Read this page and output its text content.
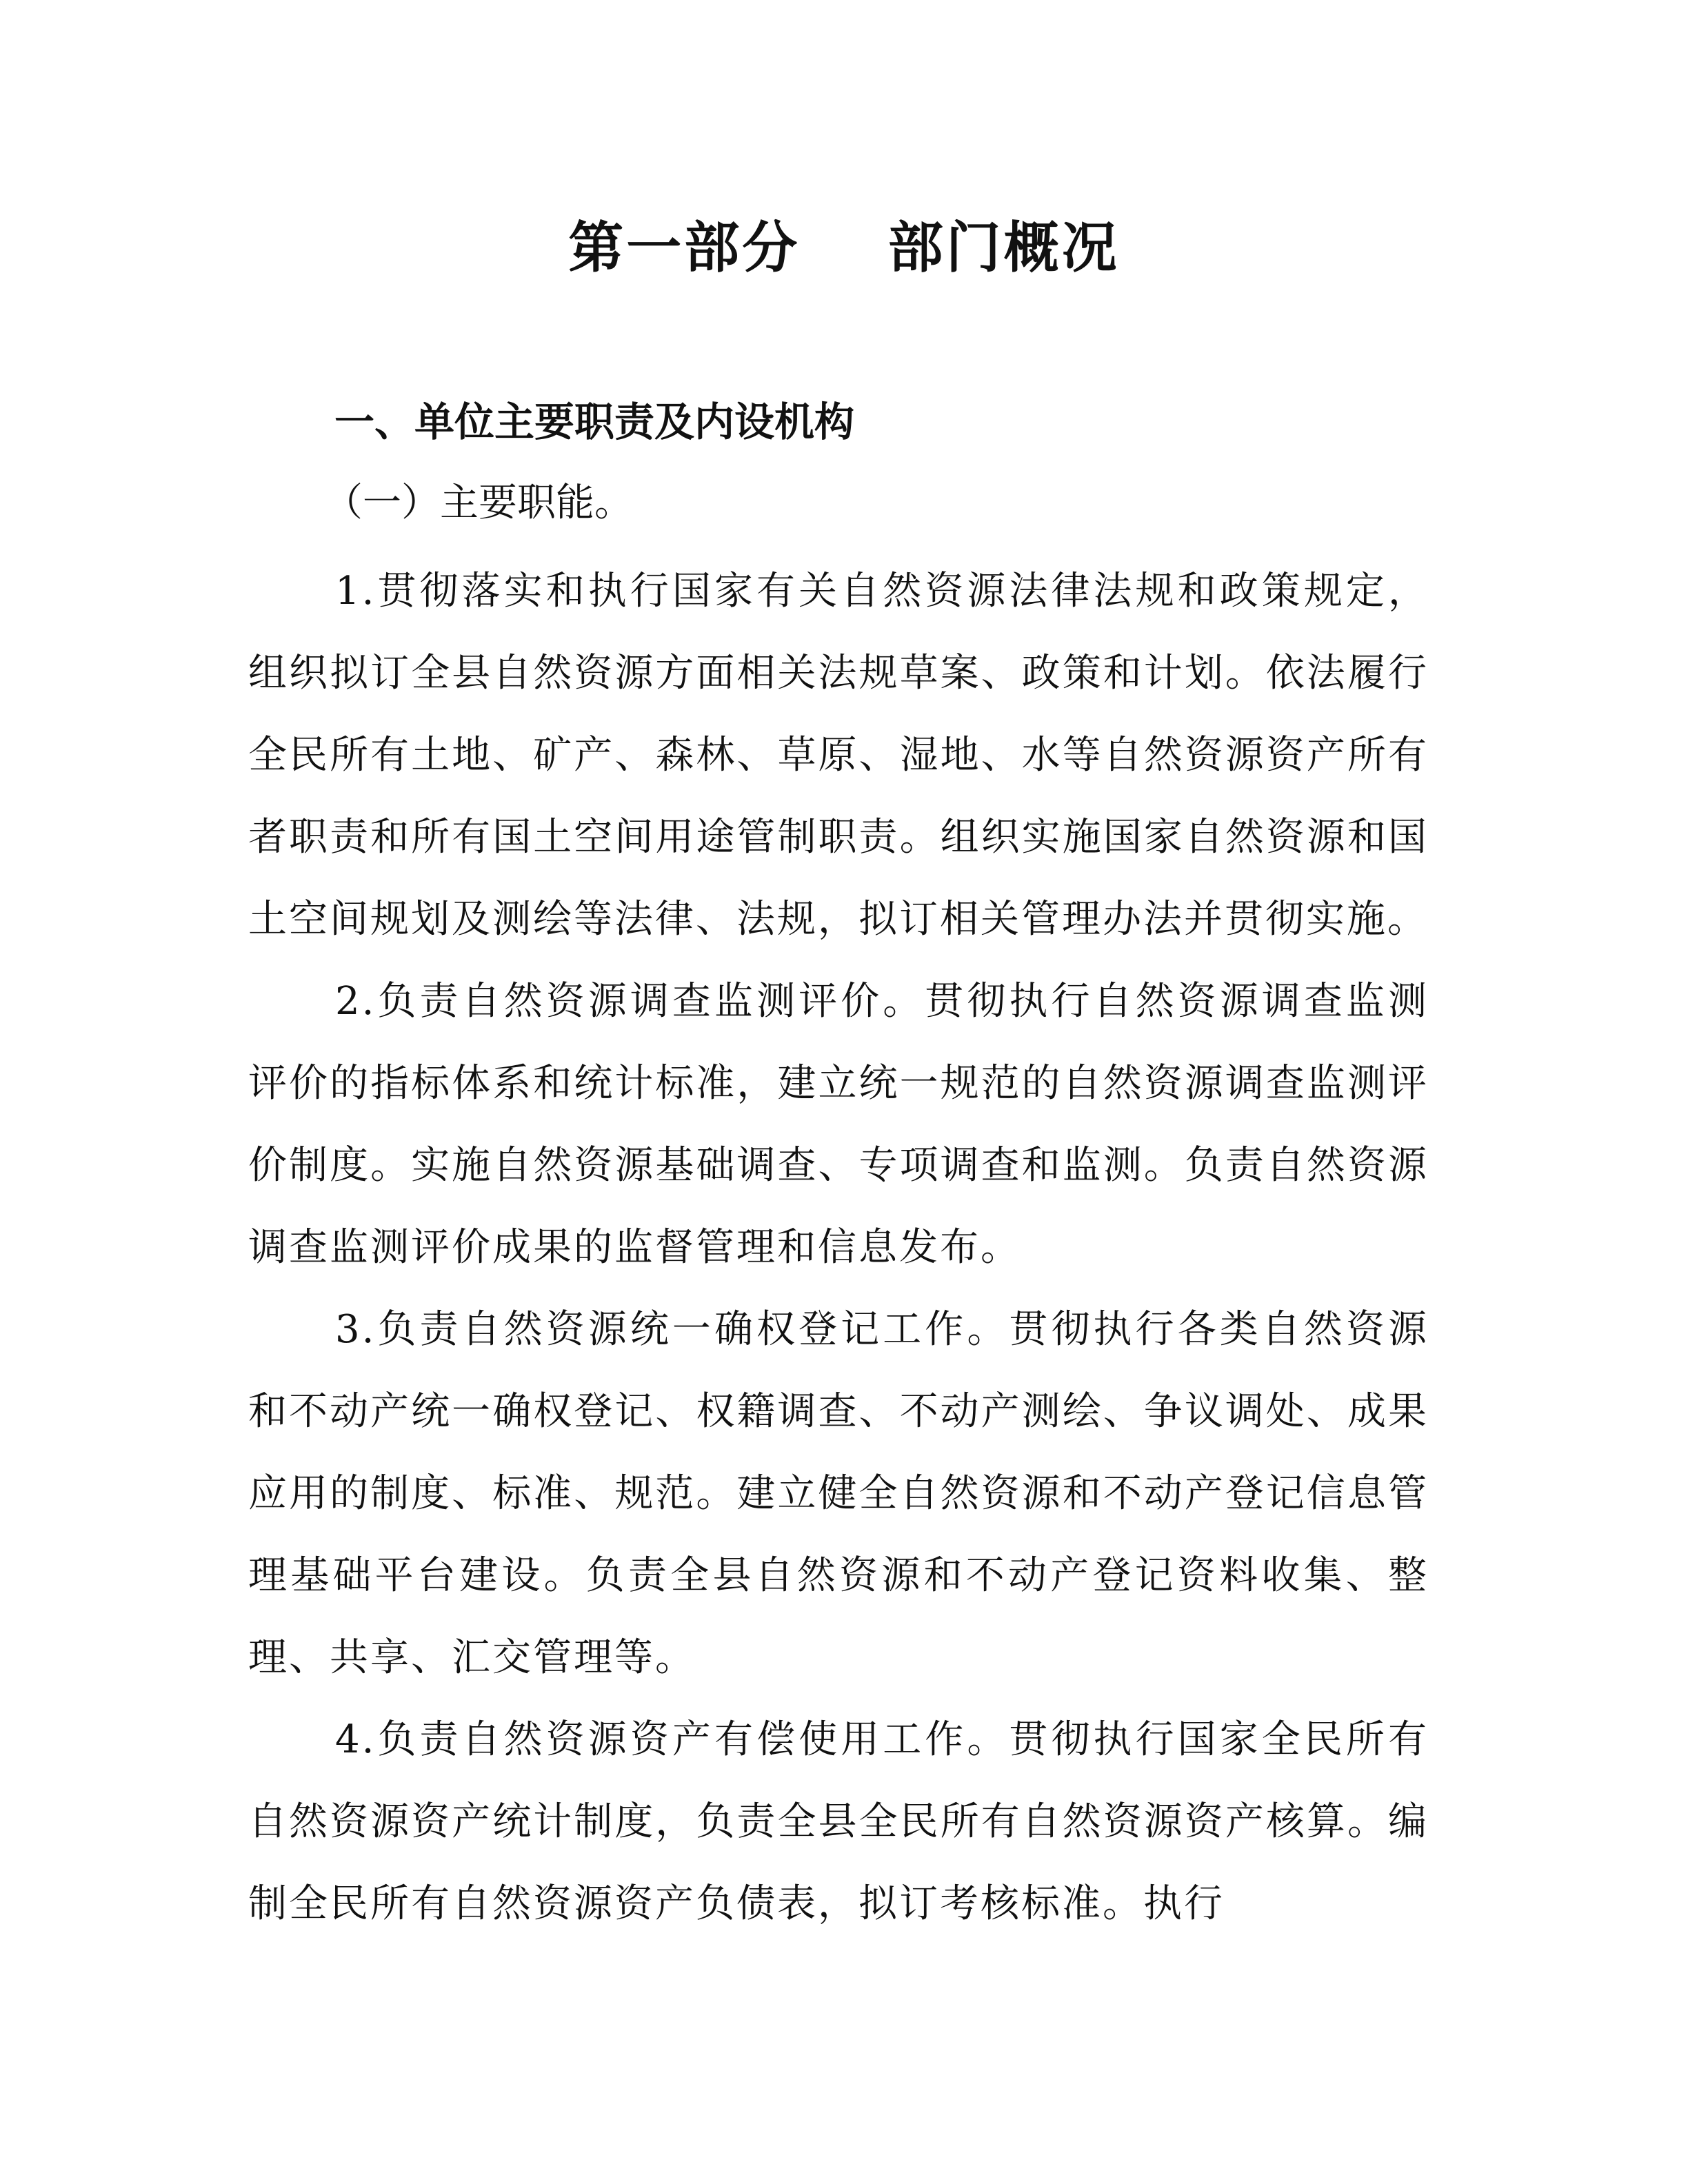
第一部分    部门概况
一、单位主要职责及内设机构
（一）主要职能。

1.贯彻落实和执行国家有关自然资源法律法规和政策规定，组织拟订全县自然资源方面相关法规草案、政策和计划。依法履行全民所有土地、矿产、森林、草原、湿地、水等自然资源资产所有者职责和所有国土空间用途管制职责。组织实施国家自然资源和国土空间规划及测绘等法律、法规，拟订相关管理办法并贯彻实施。

2.负责自然资源调查监测评价。贯彻执行自然资源调查监测评价的指标体系和统计标准，建立统一规范的自然资源调查监测评价制度。实施自然资源基础调查、专项调查和监测。负责自然资源调查监测评价成果的监督管理和信息发布。

3.负责自然资源统一确权登记工作。贯彻执行各类自然资源和不动产统一确权登记、权籍调查、不动产测绘、争议调处、成果应用的制度、标准、规范。建立健全自然资源和不动产登记信息管理基础平台建设。负责全县自然资源和不动产登记资料收集、整理、共享、汇交管理等。

4.负责自然资源资产有偿使用工作。贯彻执行国家全民所有自然资源资产统计制度，负责全县全民所有自然资源资产核算。编制全民所有自然资源资产负债表，拟订考核标准。执行
